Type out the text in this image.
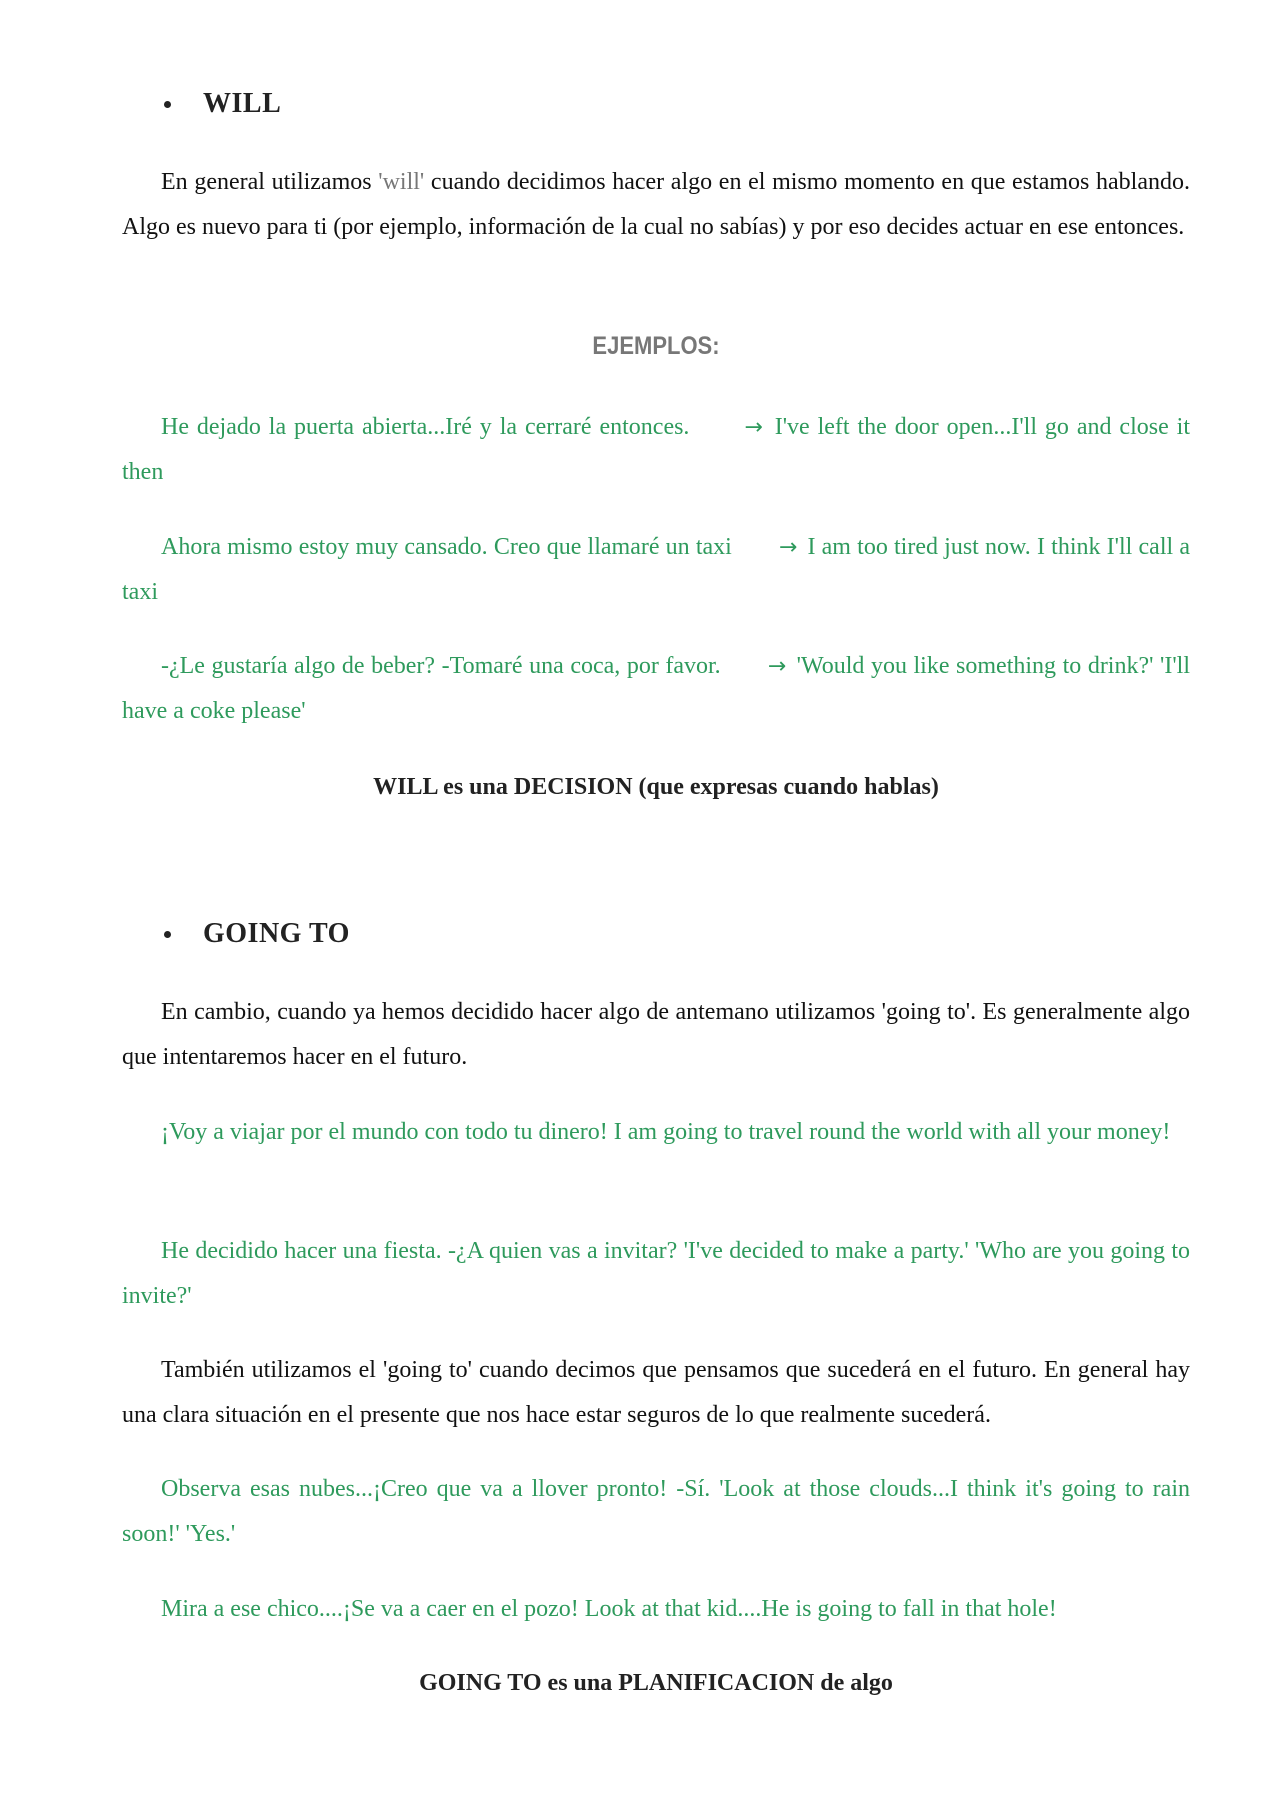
WILL

En general utilizamos 'will' cuando decidimos hacer algo en el mismo momento en que estamos hablando. Algo es nuevo para ti (por ejemplo, información de la cual no sabías) y por eso decides actuar en ese entonces.

EJEMPLOS:

He dejado la puerta abierta...Iré y la cerraré entonces. → I've left the door open...I'll go and close it then

Ahora mismo estoy muy cansado. Creo que llamaré un taxi → I am too tired just now. I think I'll call a taxi

-¿Le gustaría algo de beber? -Tomaré una coca, por favor. → 'Would you like something to drink?' 'I'll have a coke please'

WILL es una DECISION (que expresas cuando hablas)

GOING TO

En cambio, cuando ya hemos decidido hacer algo de antemano utilizamos 'going to'. Es generalmente algo que intentaremos hacer en el futuro.

¡Voy a viajar por el mundo con todo tu dinero! I am going to travel round the world with all your money!

He decidido hacer una fiesta. -¿A quien vas a invitar? 'I've decided to make a party.' 'Who are you going to invite?'

También utilizamos el 'going to' cuando decimos que pensamos que sucederá en el futuro. En general hay una clara situación en el presente que nos hace estar seguros de lo que realmente sucederá.

Observa esas nubes...¡Creo que va a llover pronto! -Sí. 'Look at those clouds...I think it's going to rain soon!' 'Yes.'

Mira a ese chico....¡Se va a caer en el pozo! Look at that kid....He is going to fall in that hole!

GOING TO es una PLANIFICACION de algo
